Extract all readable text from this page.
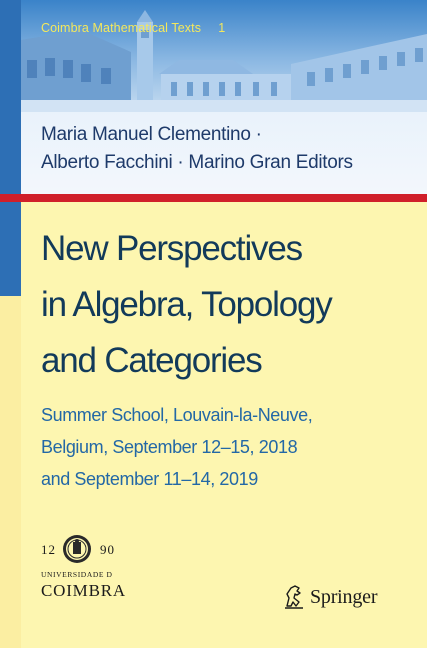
Coimbra Mathematical Texts 1
Maria Manuel Clementino ·
Alberto Facchini · Marino Gran Editors
New Perspectives
in Algebra, Topology
and Categories
Summer School, Louvain-la-Neuve,
Belgium, September 12–15, 2018
and September 11–14, 2019
12	90
UNIVERSIDADE D
COIMBRA	Springer
